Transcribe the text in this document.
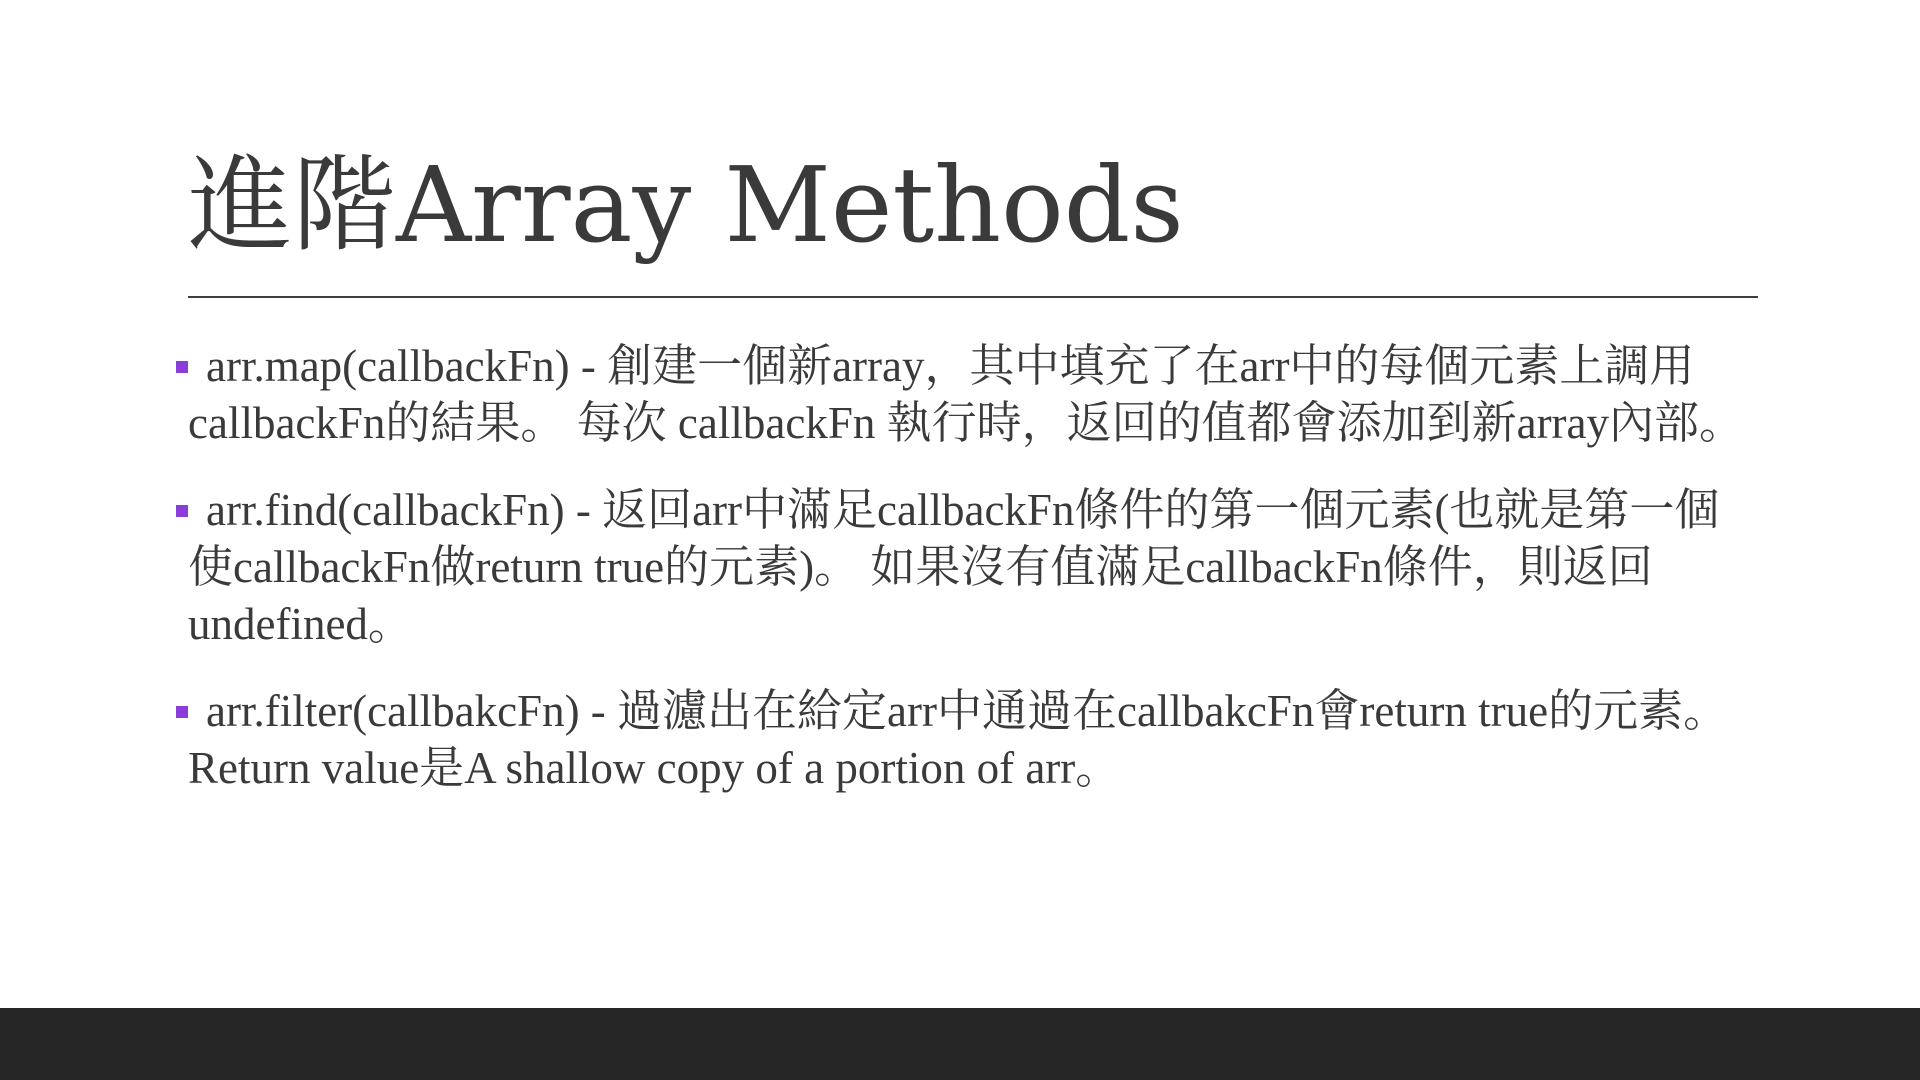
進階Array Methods

arr.map(callbackFn) - 創建一個新array，其中填充了在arr中的每個元素上調用callbackFn的結果。 每次 callbackFn 執行時，返回的值都會添加到新array內部。

arr.find(callbackFn) - 返回arr中滿足callbackFn條件的第一個元素(也就是第一個使callbackFn做return true的元素)。 如果沒有值滿足callbackFn條件，則返回 undefined。

arr.filter(callbakcFn) - 過濾出在給定arr中通過在callbakcFn會return true的元素。Return value是A shallow copy of a portion of arr。
